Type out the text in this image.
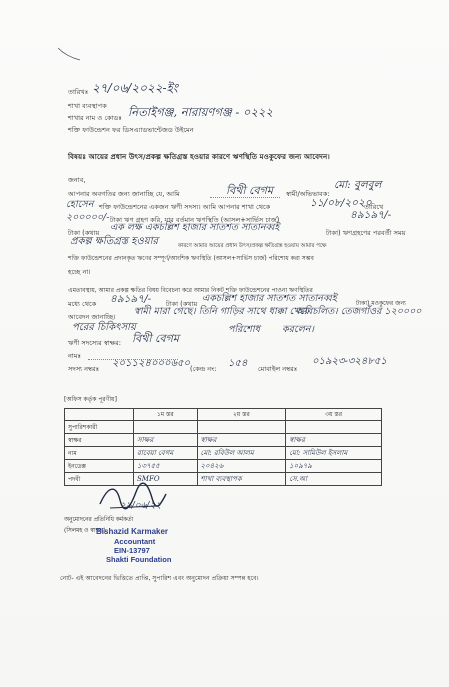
তারিখঃ ২৭/০৬/২০২২-ইং
শাখা ব্যবস্থাপক
শাখার নাম ও কোডঃ নিতাইগঞ্জ, নারায়ণগঞ্জ - ০২২২
শক্তি ফাউন্ডেশন ফর ডিসএ্যাডভান্টেজড উইমেন
বিষয়ঃ আয়ের প্রধান উৎস/প্রকল্প ক্ষতিগ্রস্ত হওয়ার কারণে ঋণস্থিতি মওকুফের জন্য আবেদন।
জনাব,
আপনার অবগতির জন্য জানাচ্ছি যে, আমি	বিথী বেগম স্বামী/অভিভাবক:
মো: বুলবুল
হোসেন শক্তি ফাউন্ডেশনের একজন ঋণী সদস্য। আমি আপনার শাখা থেকে	১১/০৮/২০২০
তারিখে
৪৯১৯৭/-
২০০০০০/- টাকা ঋণ গ্রহণ করি, যার বর্তমান ঋণস্থিতি (আসল+সার্ভিস চার্জ)
টাকা (কথায় এক লক্ষ একচল্লিশ হাজার সাতশত সাতানব্বই	টাকা) ঋণগ্রহণের পরবর্তী সময়
প্রকল্প ক্ষতিগ্রস্ত হওয়ার	কারণে আমার আয়ের প্রধান উৎস/প্রকল্প ক্ষতিগ্রস্ত হওয়ায় আমার পক্ষে
শক্তি ফাউন্ডেশনের প্রদানকৃত ঋণের সম্পূর্ণ/আংশিক ঋণস্থিতি (আসল+সার্ভিস চার্জ) পরিশোধ করা সম্ভব
হচ্ছে না।
এমতাবস্থায়, আমার প্রকল্প ক্ষতির বিষয় বিবেচনা করে আমার নিকট শক্তি ফাউন্ডেশনের পাওনা ঋণস্থিতির
মধ্যে থেকে ৪৯১৯৭/- টাকা (কথায় একচল্লিশ হাজার সাতশত সাতানব্বই	টাকা) মওকুফের জন্য
আবেদন জানাচ্ছি। স্বামী মারা গেছে। তিনি গাড়ির সাথে ধাক্কা খেয়ে
অবিচলিত। তেজগাঁওর ১২০০০০
পরের চিকিৎসায়	পরিশোধ করলেন।
ঋণী সদস্যের স্বাক্ষর: বিথী বেগম
নামঃ
সদস্য নম্বরঃ ২০১১২৪০০০৬৫০ (কেন্দ্র নং: ১৫৪ মোবাইল নম্বরঃ
০১৯২৩-৩২৪৮৫১
[অফিস কর্তৃক পূরণীয়]
	১ম স্তর	২য় স্তর	৩য় স্তর
সুপারিশকারী			
স্বাক্ষর	সাক্ষর	স্বাক্ষর	স্বাক্ষর
নাম	রাবেয়া বেগম	মো: রবিউল আলম	মো: সামিউল ইসলাম
ইনডেক্স	১৩৭৫৫	২০৪২৬	১০৯৭৯
পদবী	SMFO	শাখা ব্যবস্থাপক	সে.আ
২৯/০৬/২২
অনুমোদনের প্রতিনিধি কর্মকর্তা
(সিলমহ ও স্বাক্ষর)
Bishazid Karmaker
Accountant
EIN-13797
Shakti Foundation
নোট- এই আবেদনের ভিত্তিতে প্রাপ্তি, সুপারিশ এবং অনুমোদন প্রক্রিয়া সম্পন্ন হবে।
